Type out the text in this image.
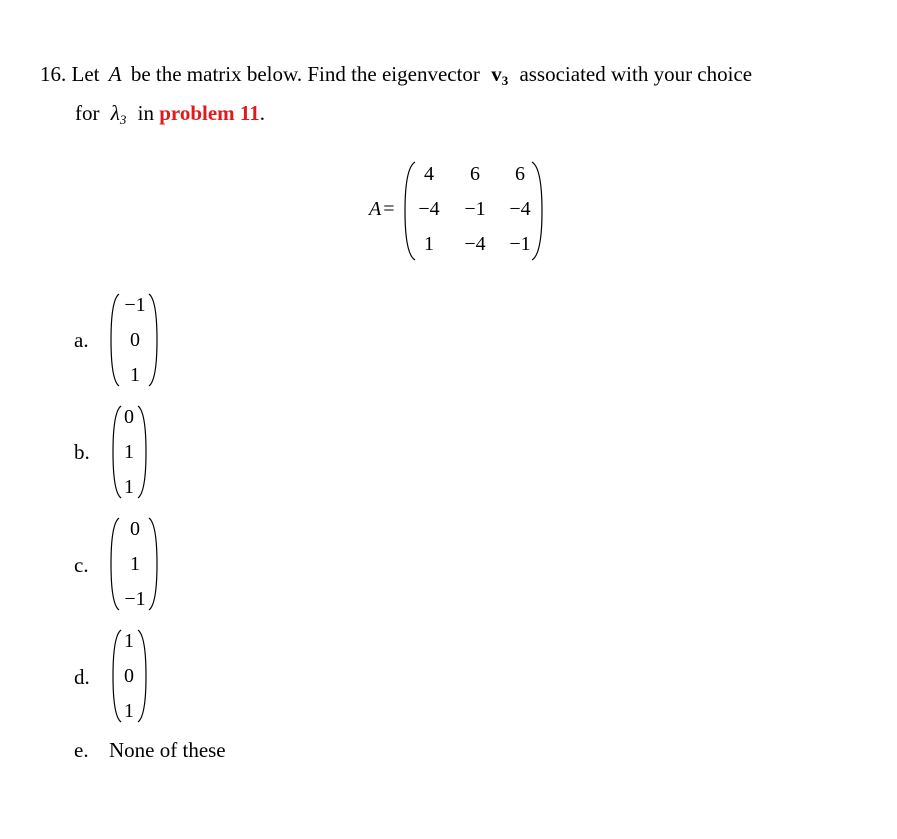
16. Let A be the matrix below. Find the eigenvector $v_3$ associated with your choice
for $\lambda_3$ in problem 11.
A =
4	6	6
−4	−1	−4
1	−4	−1
a.
−1
0
1
b.
0
1
1
c.
0
1
−1
d.
1
0
1
e. None of these
